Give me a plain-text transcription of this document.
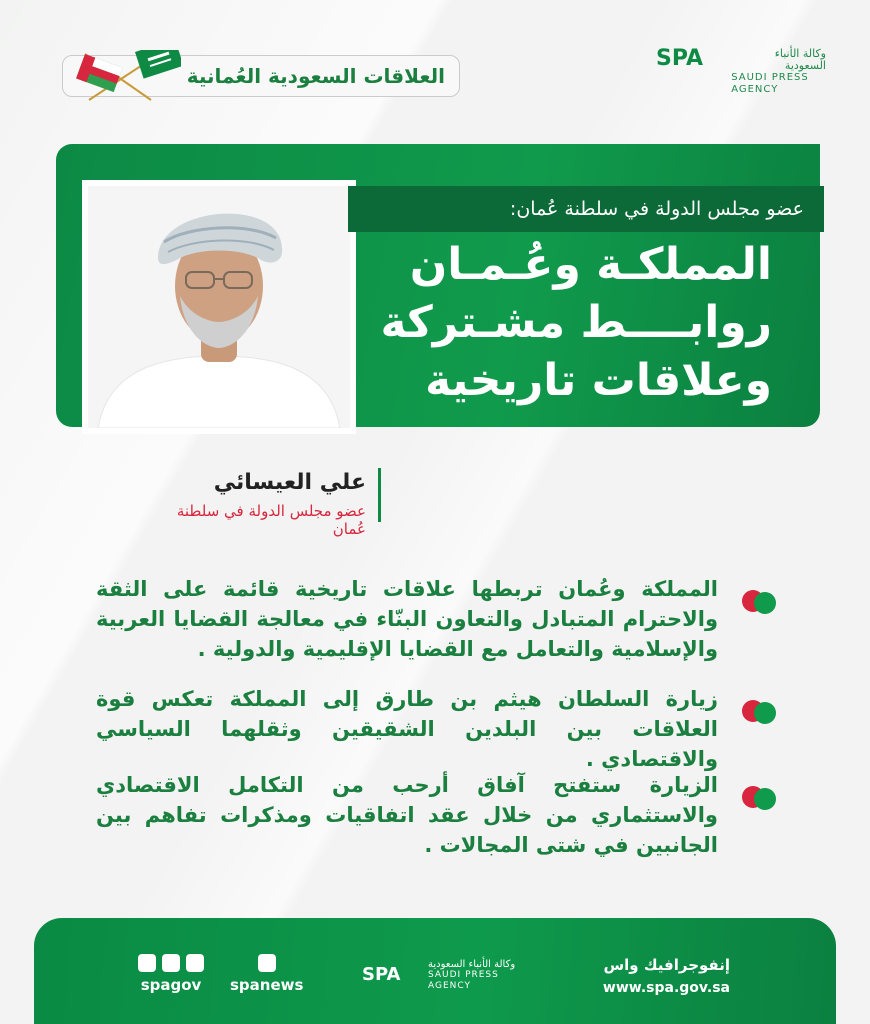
SPA	وكالة الأنباء السعودية
SAUDI PRESS
AGENCY
العلاقات السعودية العُمانية
عضو مجلس الدولة في سلطنة عُمان:
المملكـة وعُـمـان
روابــــط مشـتركة
وعلاقات تاريخية
علي العيسائي
عضو مجلس الدولة في سلطنة عُمان
المملكة وعُمان تربطها علاقات تاريخية قائمة على الثقة والاحترام المتبادل والتعاون البنّاء في معالجة القضايا العربية والإسلامية والتعامل مع القضايا الإقليمية والدولية .
زيارة السلطان هيثم بن طارق إلى المملكة تعكس قوة العلاقات بين البلدين الشقيقين وثقلهما السياسي والاقتصادي .
الزيارة ستفتح آفاق أرحب من التكامل الاقتصادي والاستثماري من خلال عقد اتفاقيات ومذكرات تفاهم بين الجانبين في شتى المجالات .
spagov spanews	SPA	وكالة الأنباء السعودية
SAUDI PRESS
AGENCY
إنفوجرافيك واس
www.spa.gov.sa
